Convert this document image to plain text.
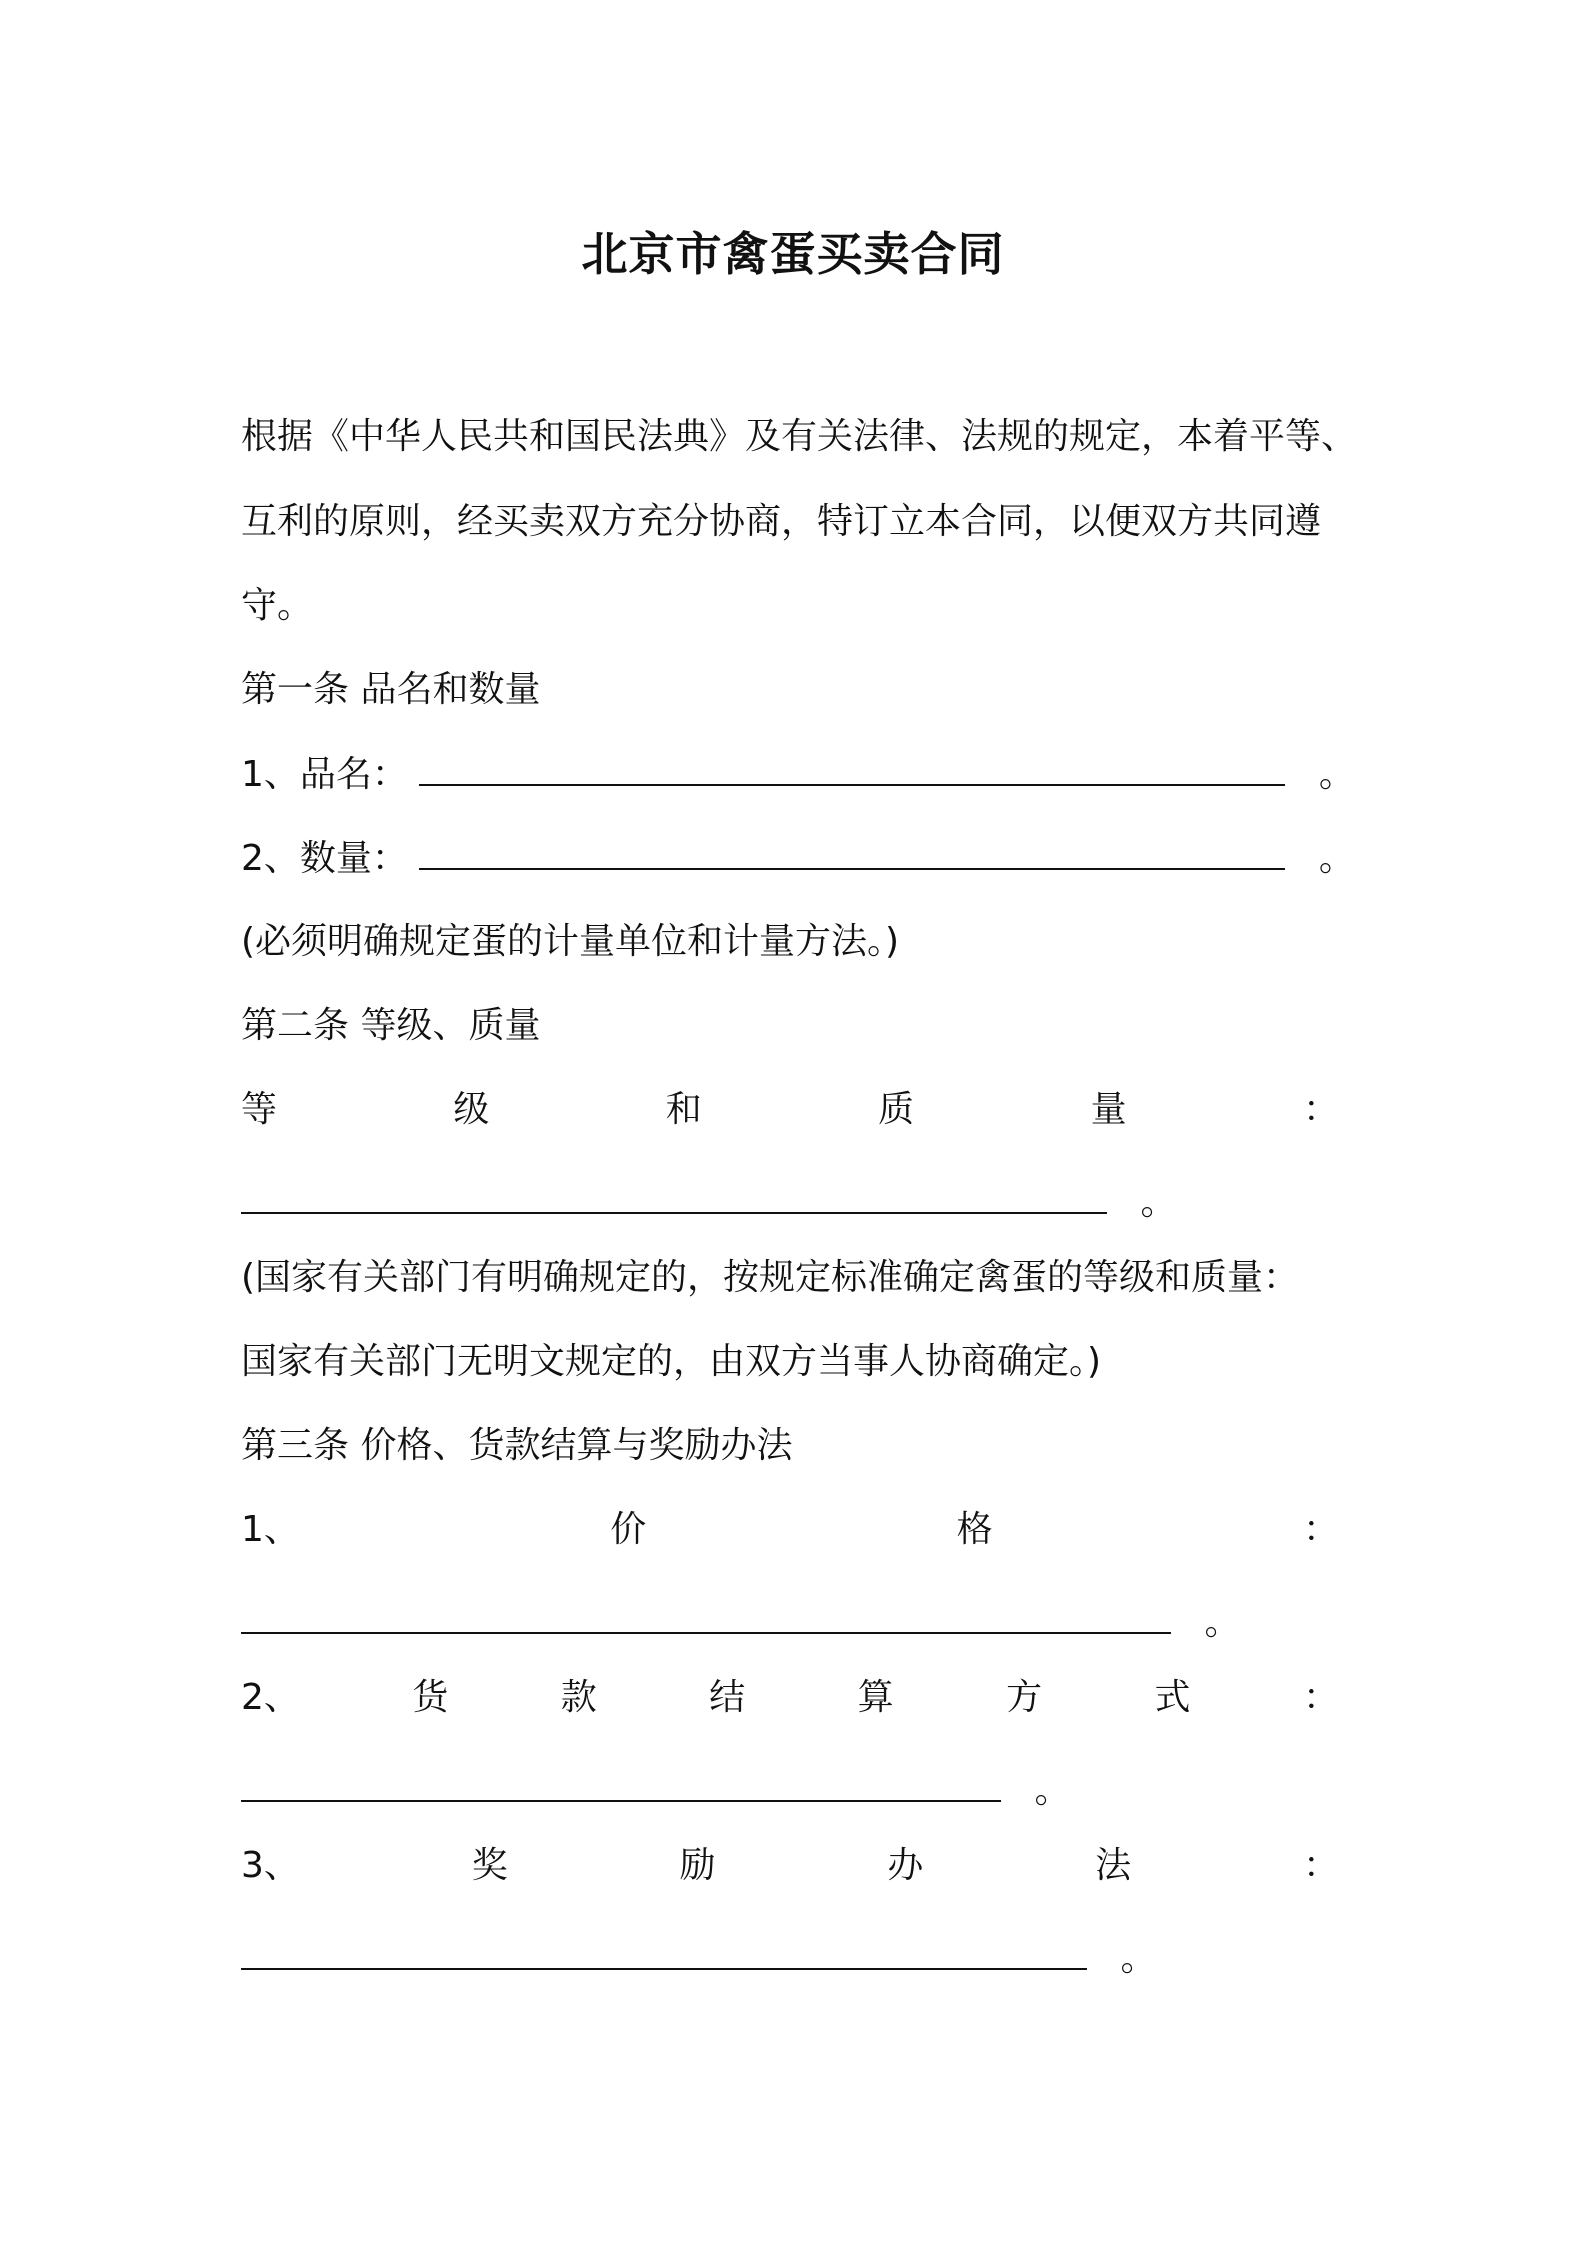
北京市禽蛋买卖合同
根据《中华人民共和国民法典》及有关法律、法规的规定，本着平等、
互利的原则，经买卖双方充分协商，特订立本合同，以便双方共同遵
守。
第一条 品名和数量
1、品名：	。
2、数量：	。
(必须明确规定蛋的计量单位和计量方法。)
第二条 等级、质量
等	级	和	质	量	：
。
(国家有关部门有明确规定的，按规定标准确定禽蛋的等级和质量：
国家有关部门无明文规定的，由双方当事人协商确定。)
第三条 价格、货款结算与奖励办法
1、	价	格	：
。
2、	货	款	结	算	方	式	：
。
3、	奖	励	办	法	：
。
